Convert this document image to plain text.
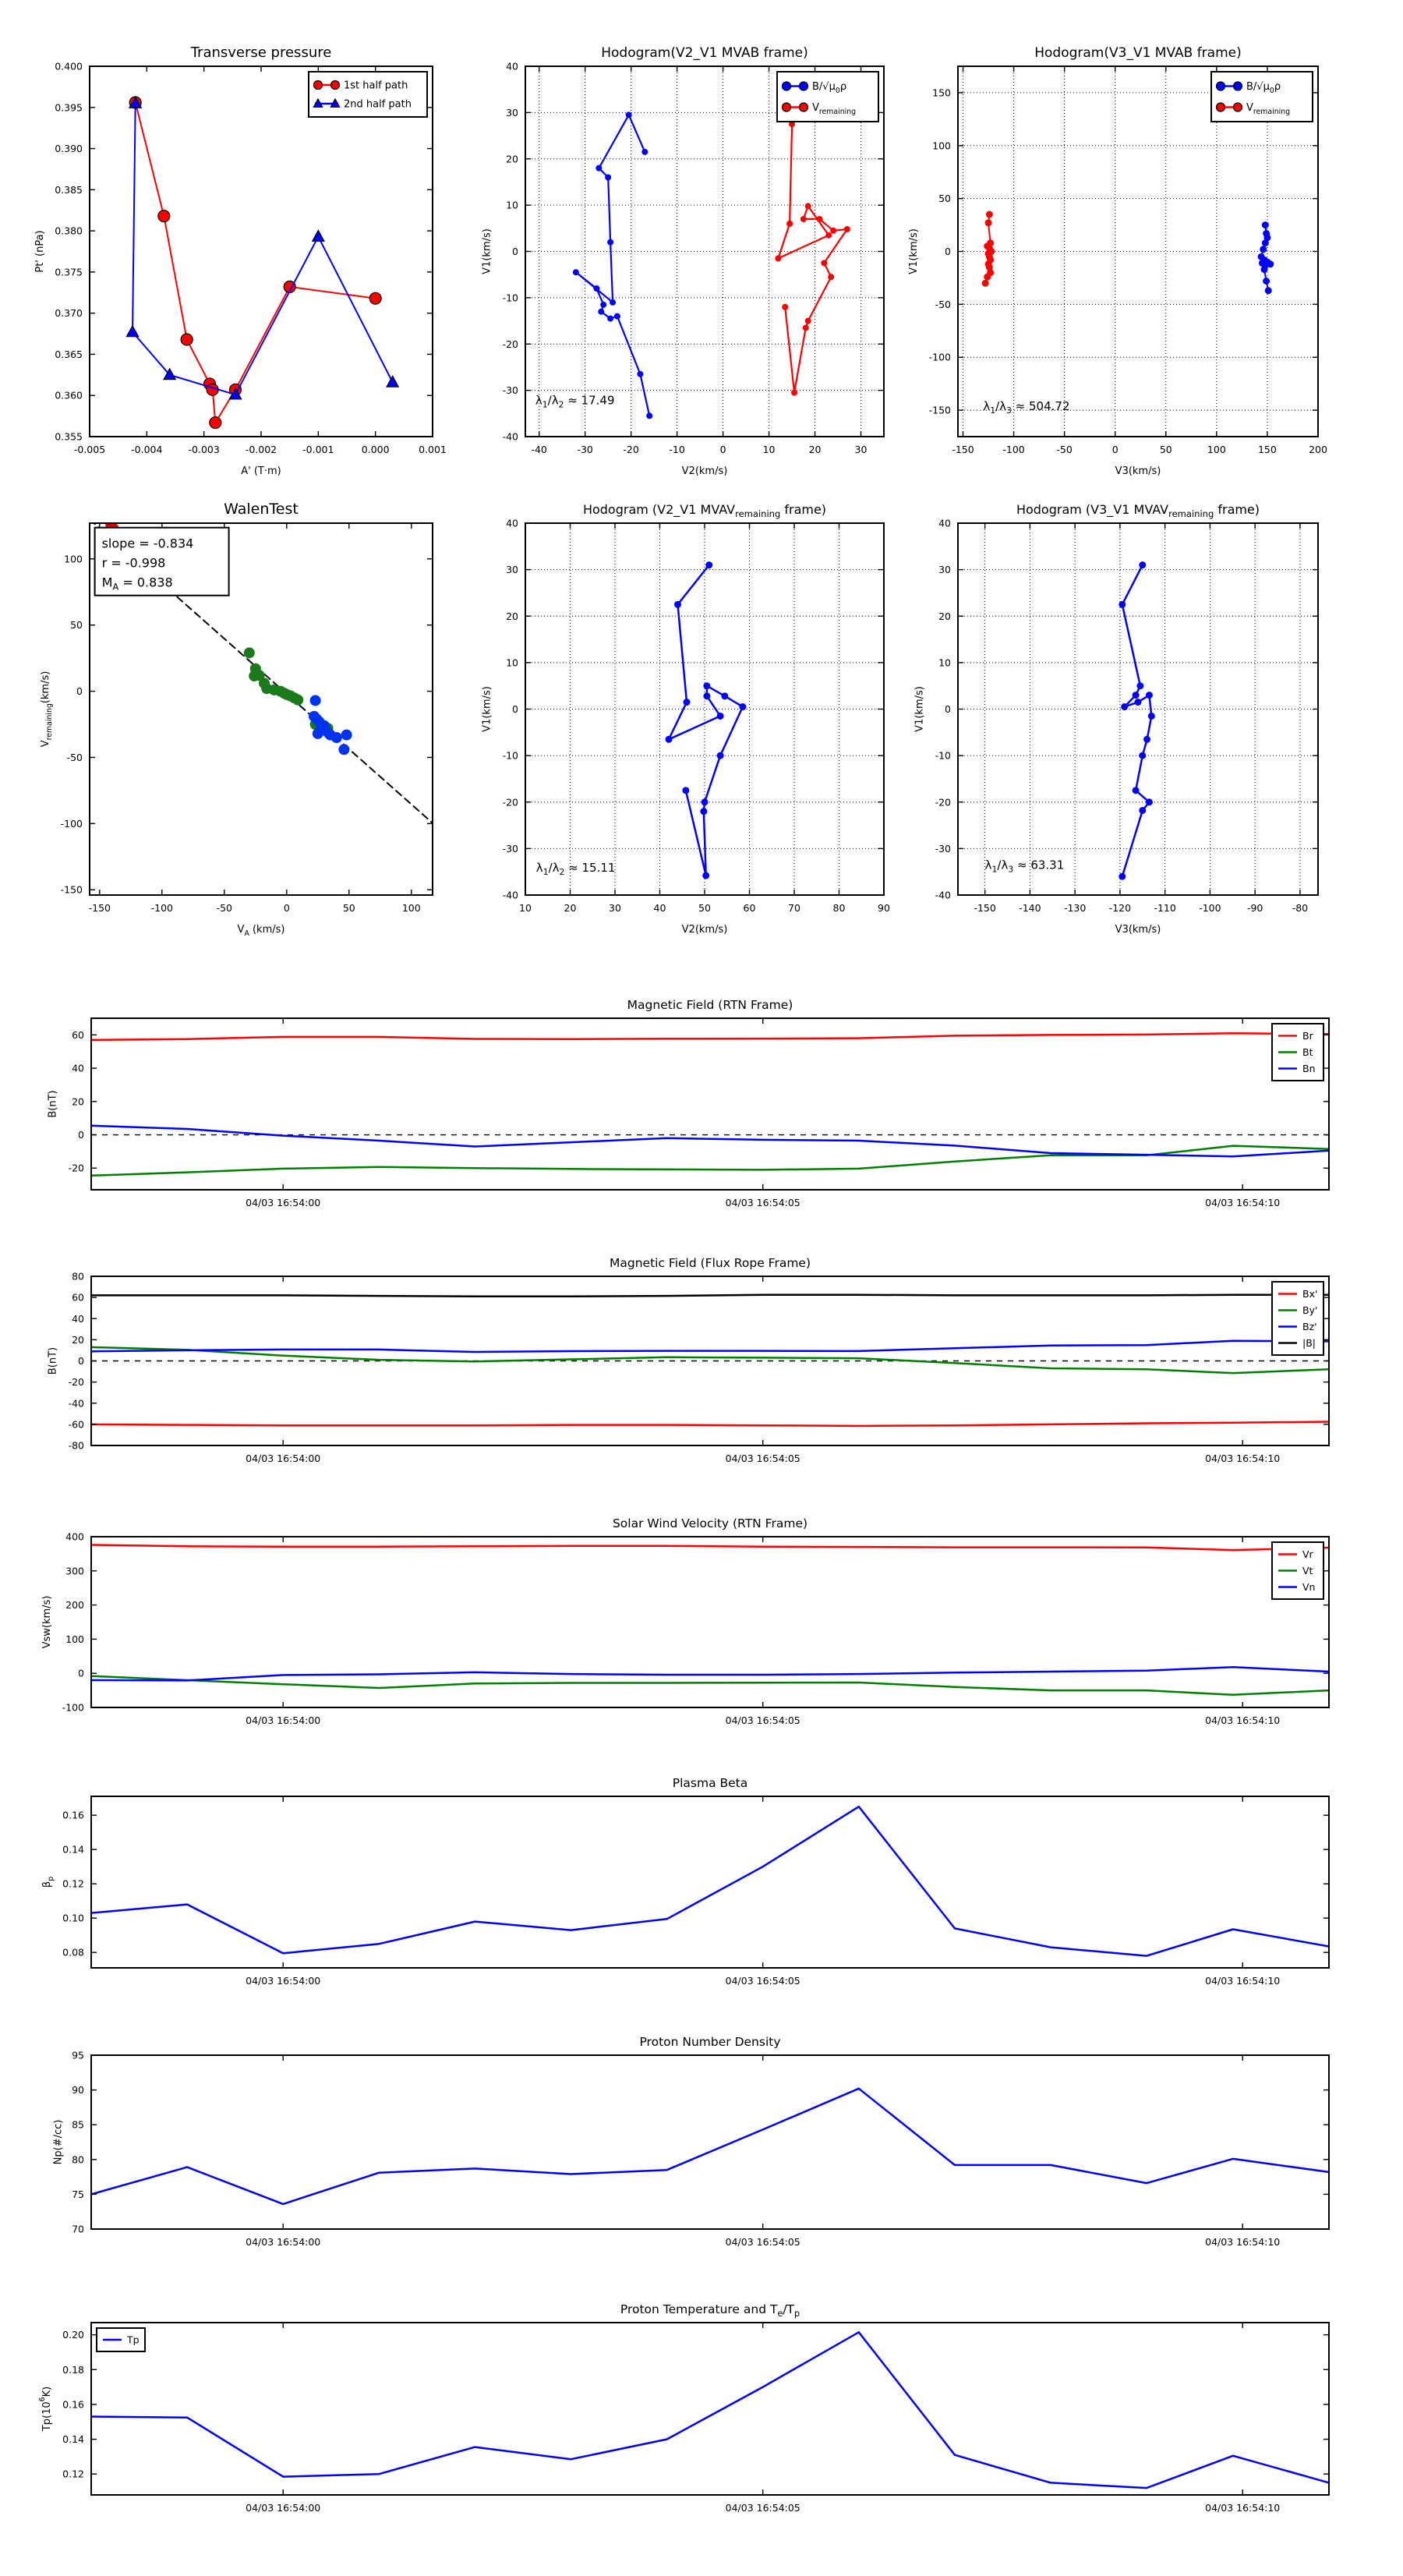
-0.005	-0.004	-0.003	-0.002	-0.001	0.000	0.001
0.355
0.360
0.365
0.370
0.375
0.380
0.385
0.390
0.395
0.400
Transverse pressure
A' (T·m)
Pt' (nPa)
1st half path
2nd half path
-40	-30	-20	-10	0	10	20	30
-40
-30
-20
-10
0
10
20
30
40
Hodogram(V2_V1 MVAB frame)
V2(km/s)
V1(km/s)
$\lambda_1/\lambda_2 \approx 17.49$
$B/√\mu_0\rho$
$V_{remaining}$
-150	-100	-50	0	50	100	150	200
-150
-100
-50
0
50
100
150
Hodogram(V3_V1 MVAB frame)
V3(km/s)
V1(km/s)
$\lambda_1/\lambda_3 \approx 504.72$
$B/√\mu_0\rho$
$V_{remaining}$
-150	-100	-50	0	50	100
-150
-100
-50
0
50
100
WalenTest
$V_A$ (km/s)
$V_{remaining}(km/s)$
slope = -0.834
r = -0.998
$M_A = 0.838$
10	20	30	40	50	60	70	80	90
-40
-30
-20
-10
0
10
20
30
40
Hodogram (V2_V1 $MVAV_{remaining}$ frame)
V2(km/s)
V1(km/s)
$\lambda_1/\lambda_2 \approx 15.11$
-150 -140 -130 -120 -110 -100	-90	-80
-40
-30
-20
-10
0
10
20
30
40
Hodogram (V3_V1 $MVAV_{remaining}$ frame)
V3(km/s)
V1(km/s)
$\lambda_1/\lambda_3 \approx 63.31$
04/03 16:54:00	04/03 16:54:05	04/03 16:54:10
-20
0
20
40
60
Magnetic Field (RTN Frame)
B(nT)
Br
Bt
Bn
04/03 16:54:00	04/03 16:54:05	04/03 16:54:10
-80
-60
-40
-20
0
20
40
60
80
Magnetic Field (Flux Rope Frame)
B(nT)
Bx'
By'
Bz'
|B|
04/03 16:54:00	04/03 16:54:05	04/03 16:54:10
-100
0
100
200
300
400
Solar Wind Velocity (RTN Frame)
Vsw(km/s)
Vr
Vt
Vn
04/03 16:54:00	04/03 16:54:05	04/03 16:54:10
0.08
0.10
0.12
0.14
0.16
Plasma Beta
$\beta_p$
04/03 16:54:00	04/03 16:54:05	04/03 16:54:10
70
75
80
85
90
95
Proton Number Density
Np(#/cc)
04/03 16:54:00	04/03 16:54:05	04/03 16:54:10
0.12
0.14
0.16
0.18
0.20
Proton Temperature and $T_e/T_p$
$Tp(10^6K)$
Tp
